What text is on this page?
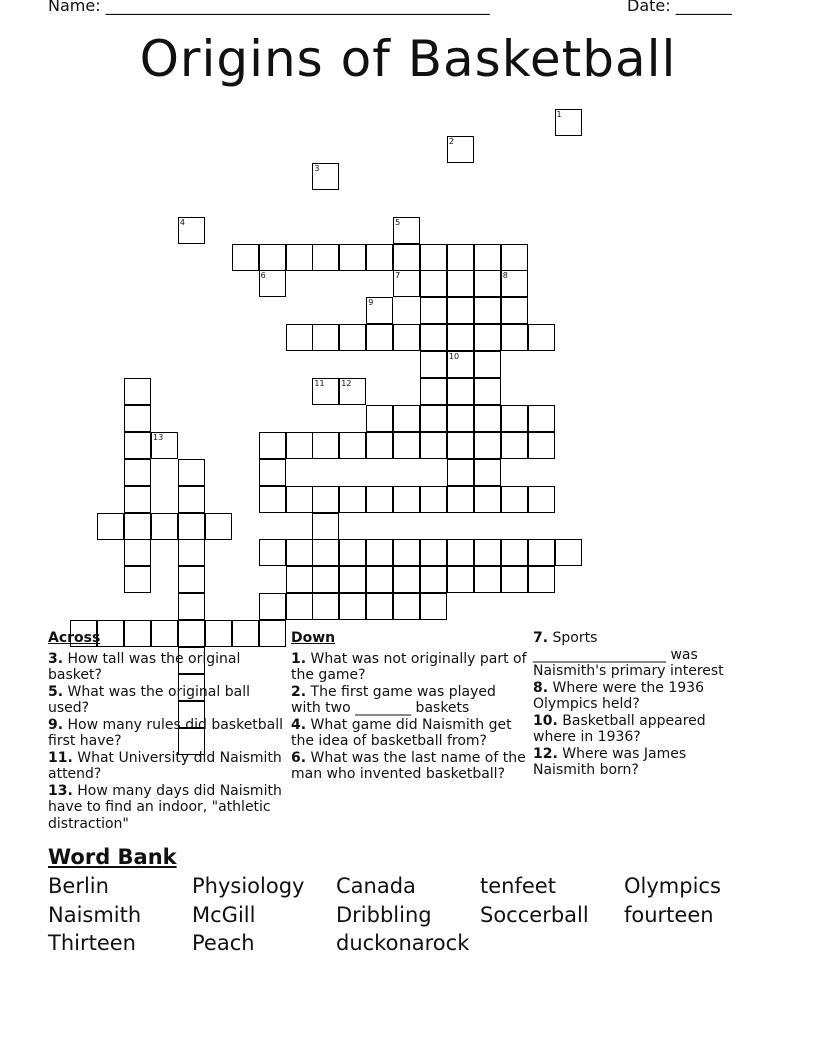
Name: ________________________________________________	Date: _______
Origins of Basketball
10
8
1
2
3
4	5
6	7
9
11 12
13
Across
3. How tall was the original basket?
5. What was the original ball used?
9. How many rules did basketball first have?
11. What University did Naismith attend?
13. How many days did Naismith have to find an indoor, "athletic distraction"
Down
1. What was not originally part of the game?
2. The first game was played with two ________ baskets
4. What game did Naismith get the idea of basketball from?
6. What was the last name of the man who invented basketball?
7. Sports ___________________ was Naismith's primary interest
8. Where were the 1936 Olympics held?
10. Basketball appeared where in 1936?
12. Where was James Naismith born?
Word Bank
Berlin	Physiology	Canada	tenfeet	Olympics
Naismith	McGill	Dribbling	Soccerball	fourteen
Thirteen	Peach	duckonarock
